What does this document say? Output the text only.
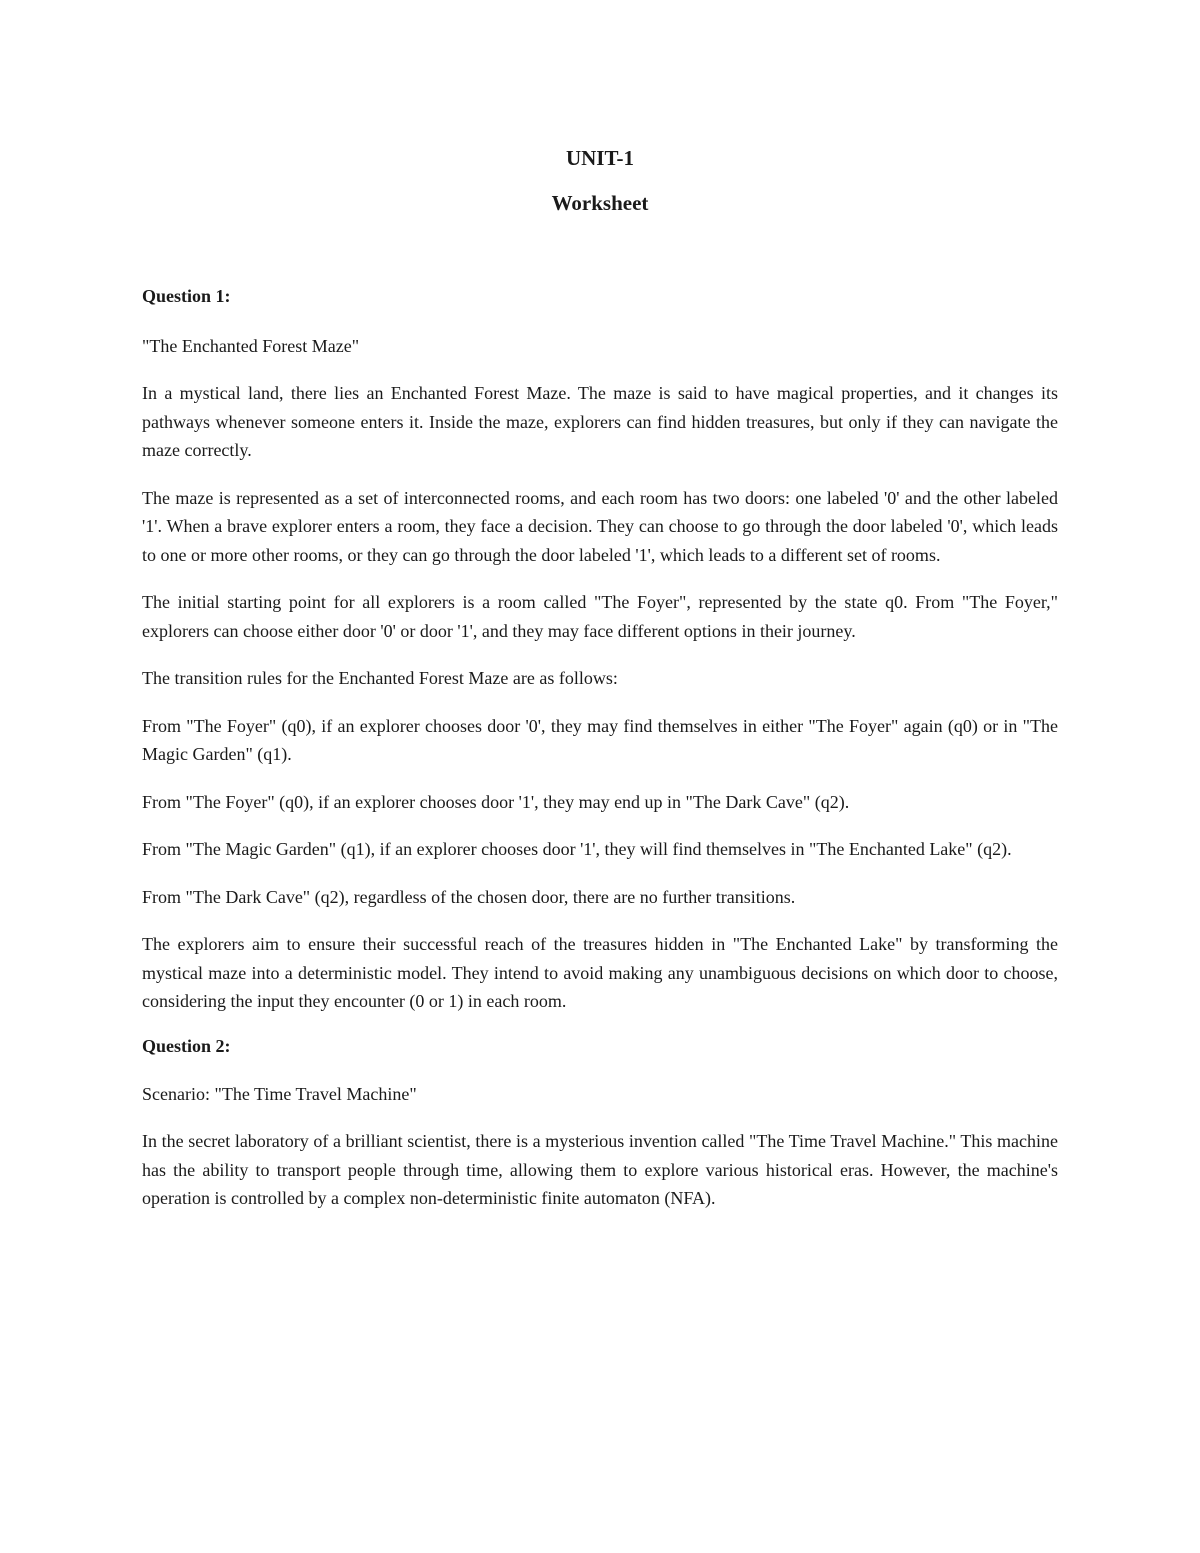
UNIT-1
Worksheet
Question 1:

"The Enchanted Forest Maze"

In a mystical land, there lies an Enchanted Forest Maze. The maze is said to have magical properties, and it changes its pathways whenever someone enters it. Inside the maze, explorers can find hidden treasures, but only if they can navigate the maze correctly.

The maze is represented as a set of interconnected rooms, and each room has two doors: one labeled '0' and the other labeled '1'. When a brave explorer enters a room, they face a decision. They can choose to go through the door labeled '0', which leads to one or more other rooms, or they can go through the door labeled '1', which leads to a different set of rooms.

The initial starting point for all explorers is a room called "The Foyer", represented by the state q0. From "The Foyer," explorers can choose either door '0' or door '1', and they may face different options in their journey.

The transition rules for the Enchanted Forest Maze are as follows:

From "The Foyer" (q0), if an explorer chooses door '0', they may find themselves in either "The Foyer" again (q0) or in "The Magic Garden" (q1).

From "The Foyer" (q0), if an explorer chooses door '1', they may end up in "The Dark Cave" (q2).

From "The Magic Garden" (q1), if an explorer chooses door '1', they will find themselves in "The Enchanted Lake" (q2).

From "The Dark Cave" (q2), regardless of the chosen door, there are no further transitions.

The explorers aim to ensure their successful reach of the treasures hidden in "The Enchanted Lake" by transforming the mystical maze into a deterministic model. They intend to avoid making any unambiguous decisions on which door to choose, considering the input they encounter (0 or 1) in each room.

Question 2:

Scenario: "The Time Travel Machine"

In the secret laboratory of a brilliant scientist, there is a mysterious invention called "The Time Travel Machine." This machine has the ability to transport people through time, allowing them to explore various historical eras. However, the machine's operation is controlled by a complex non-deterministic finite automaton (NFA).
